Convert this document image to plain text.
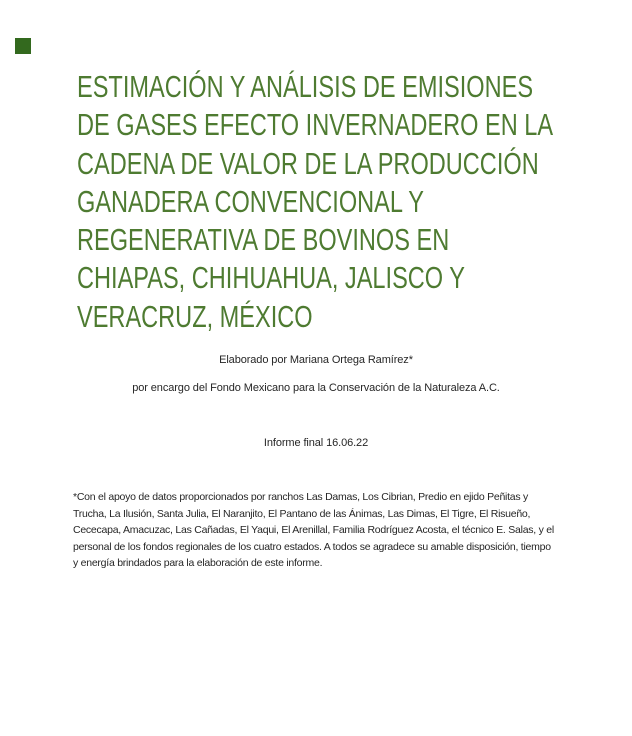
ESTIMACIÓN Y ANÁLISIS DE EMISIONES
DE GASES EFECTO INVERNADERO EN LA
CADENA DE VALOR DE LA PRODUCCIÓN
GANADERA CONVENCIONAL Y
REGENERATIVA DE BOVINOS EN
CHIAPAS, CHIHUAHUA, JALISCO Y
VERACRUZ, MÉXICO
Elaborado por Mariana Ortega Ramírez*
por encargo del Fondo Mexicano para la Conservación de la Naturaleza A.C.
Informe final 16.06.22
*Con el apoyo de datos proporcionados por ranchos Las Damas, Los Cibrian, Predio en ejido Peñitas y
Trucha, La Ilusión, Santa Julia, El Naranjito, El Pantano de las Ánimas, Las Dimas, El Tigre, El Risueño,
Cececapa, Amacuzac, Las Cañadas, El Yaqui, El Arenillal, Familia Rodríguez Acosta, el técnico E. Salas, y el
personal de los fondos regionales de los cuatro estados. A todos se agradece su amable disposición, tiempo
y energía brindados para la elaboración de este informe.
